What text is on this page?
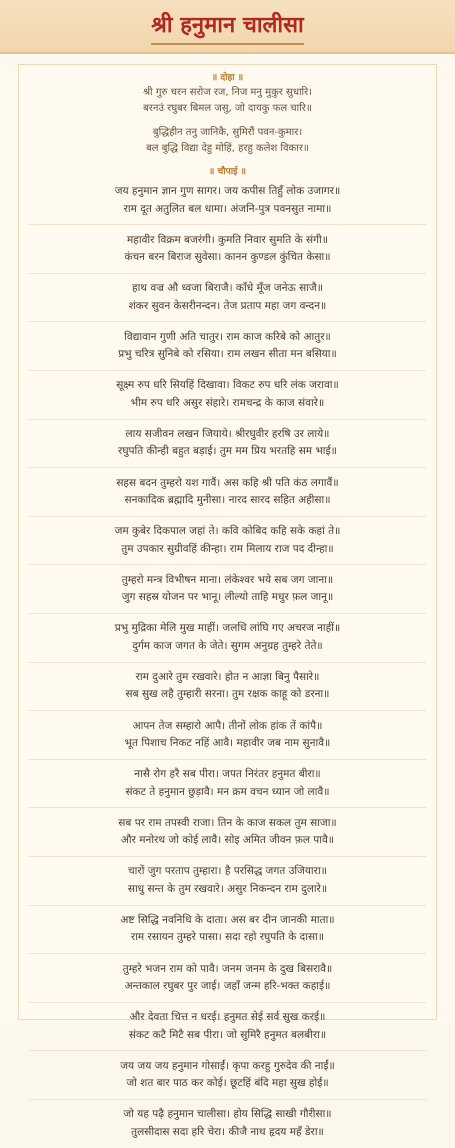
श्री हनुमान चालीसा
॥ दोहा ॥
श्री गुरु चरन सरोज रज, निज मनु मुकुर सुधारि।
बरनउं रघुबर बिमल जसु, जो दायकु फल चारि॥
बुद्धिहीन तनु जानिकै, सुमिरौं पवन-कुमार।
बल बुद्धि विद्या देहु मोहिं, हरहु कलेश विकार॥
॥ चौपाई ॥
जय हनुमान ज्ञान गुण सागर। जय कपीस तिहुँ लोक उजागर॥
राम दूत अतुलित बल धामा। अंजनि-पुत्र पवनसुत नामा॥
महावीर विक्रम बजरंगी। कुमति निवार सुमति के संगी॥
कंचन बरन बिराज सुवेसा। कानन कुण्डल कुंचित केसा॥
हाथ वज्र औ ध्वजा बिराजै। काँधे मूँज जनेऊ साजै॥
शंकर सुवन केसरीनन्दन। तेज प्रताप महा जग वन्दन॥
विद्यावान गुणी अति चातुर। राम काज करिबे को आतुर॥
प्रभु चरित्र सुनिबे को रसिया। राम लखन सीता मन बसिया॥
सूक्ष्म रुप धरि सियहिं दिखावा। विकट रुप धरि लंक जरावा॥
भीम रुप धरि असुर संहारे। रामचन्द्र के काज संवारे॥
लाय सजीवन लखन जियाये। श्रीरघुवीर हरषि उर लाये॥
रघुपति कीन्ही बहुत बड़ाई। तुम मम प्रिय भरतहि सम भाई॥
सहस बदन तुम्हरो यश गावैं। अस कहि श्री पति कंठ लगावैं॥
सनकादिक ब्रह्मादि मुनीसा। नारद सारद सहित अहीसा॥
जम कुबेर दिकपाल जहां ते। कवि कोबिद कहि सके कहां ते॥
तुम उपकार सुग्रीवहिं कीन्हा। राम मिलाय राज पद दीन्हा॥
तुम्हरो मन्त्र विभीषन माना। लंकेश्वर भये सब जग जाना॥
जुग सहस्र योजन पर भानू। लील्यो ताहि मधुर फ़ल जानू॥
प्रभु मुद्रिका मेलि मुख माहीं। जलधि लांघि गए अचरज नाहीं॥
दुर्गम काज जगत के जेते। सुगम अनुग्रह तुम्हरे तेते॥
राम दुआरे तुम रखवारे। होत न आज्ञा बिनु पैसारे॥
सब सुख लहै तुम्हारी सरना। तुम रक्षक काहू को डरना॥
आपन तेज सम्हारो आपै। तीनों लोक हांक तें कांपै॥
भूत पिशाच निकट नहिं आवै। महावीर जब नाम सुनावै॥
नासै रोग हरै सब पीरा। जपत निरंतर हनुमत बीरा॥
संकट ते हनुमान छुड़ावै। मन क्रम वचन ध्यान जो लावै॥
सब पर राम तपस्वी राजा। तिन के काज सकल तुम साजा॥
और मनोरथ जो कोई लावै। सोइ अमित जीवन फ़ल पावै॥
चारों जुग परताप तुम्हारा। है परसिद्ध जगत उजियारा॥
साधु सन्त के तुम रखवारे। असुर निकन्दन राम दुलारे॥
अष्ट सिद्धि नवनिधि के दाता। अस बर दीन जानकी माता॥
राम रसायन तुम्हरे पासा। सदा रहो रघुपति के दासा॥
तुम्हरे भजन राम को पावै। जनम जनम के दुख बिसरावै॥
अन्तकाल रघुबर पुर जाई। जहाँ जन्म हरि-भक्त कहाई॥
और देवता चित्त न धरई। हनुमत सेई सर्व सुख करई॥
संकट कटै मिटै सब पीरा। जो सुमिरै हनुमत बलबीरा॥
जय जय जय हनुमान गोसाईं। कृपा करहु गुरुदेव की नाईं॥
जो शत बार पाठ कर कोई। छूटहिं बंदि महा सुख होई॥
जो यह पढ़ै हनुमान चालीसा। होय सिद्धि साखी गौरीसा॥
तुलसीदास सदा हरि चेरा। कीजै नाथ हृदय महँ डेरा॥
